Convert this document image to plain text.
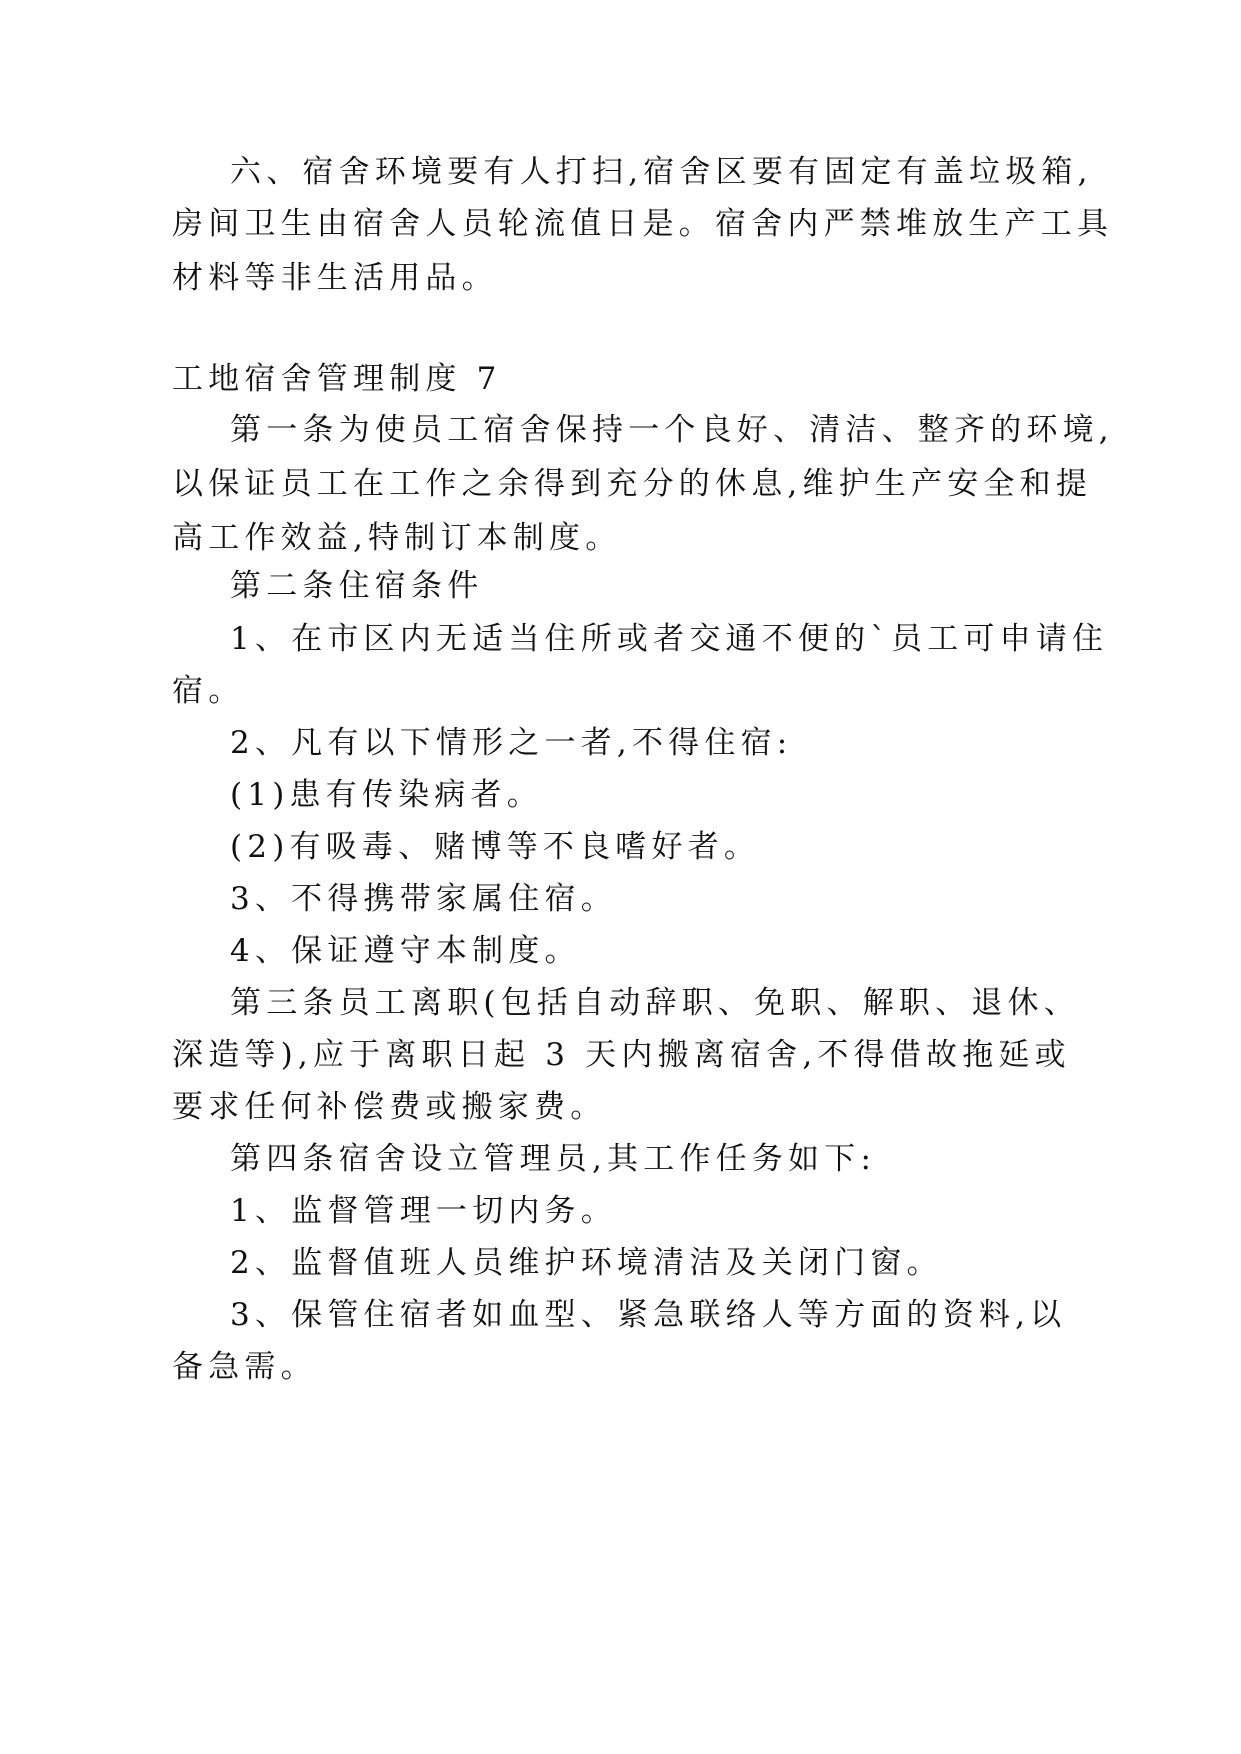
六、宿舍环境要有人打扫,宿舍区要有固定有盖垃圾箱,
房间卫生由宿舍人员轮流值日是。宿舍内严禁堆放生产工具
材料等非生活用品。
工地宿舍管理制度 7
第一条为使员工宿舍保持一个良好、清洁、整齐的环境,
以保证员工在工作之余得到充分的休息,维护生产安全和提
高工作效益,特制订本制度。
第二条住宿条件
1、在市区内无适当住所或者交通不便的`员工可申请住
宿。
2、凡有以下情形之一者,不得住宿:
(1)患有传染病者。
(2)有吸毒、赌博等不良嗜好者。
3、不得携带家属住宿。
4、保证遵守本制度。
第三条员工离职(包括自动辞职、免职、解职、退休、
深造等),应于离职日起 3 天内搬离宿舍,不得借故拖延或
要求任何补偿费或搬家费。
第四条宿舍设立管理员,其工作任务如下:
1、监督管理一切内务。
2、监督值班人员维护环境清洁及关闭门窗。
3、保管住宿者如血型、紧急联络人等方面的资料,以
备急需。
